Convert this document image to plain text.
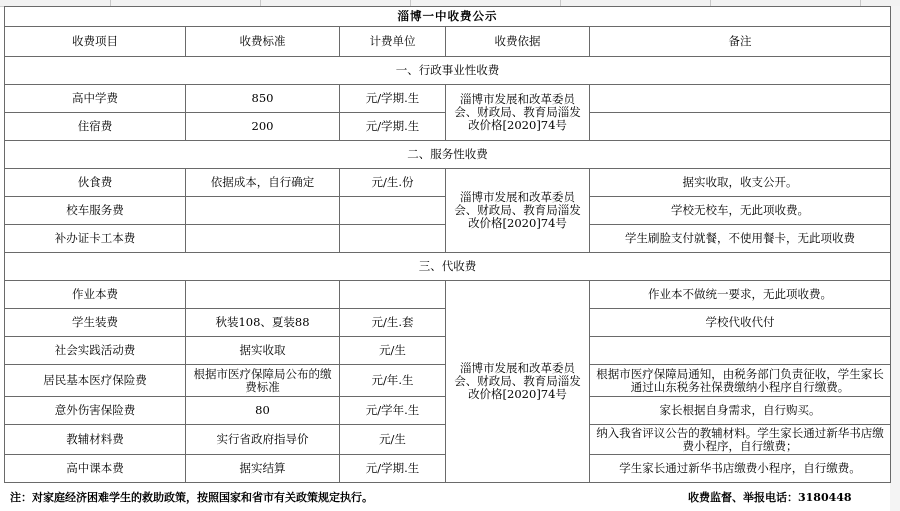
淄博一中收费公示				
收费项目	收费标准	计费单位	收费依据	备注
一、行政事业性收费				
高中学费	850	元/学期.生	淄博市发展和改革委员会、财政局、教育局淄发改价格[2020]74号	
住宿费	200	元/学期.生		
二、服务性收费				
伙食费	依据成本，自行确定	元/生.份	淄博市发展和改革委员会、财政局、教育局淄发改价格[2020]74号	据实收取，收支公开。
校车服务费				学校无校车，无此项收费。
补办证卡工本费				学生刷脸支付就餐，不使用餐卡，无此项收费
三、代收费				
作业本费			淄博市发展和改革委员会、财政局、教育局淄发改价格[2020]74号	作业本不做统一要求，无此项收费。
学生装费	秋装108、夏装88	元/生.套		学校代收代付
社会实践活动费	据实收取	元/生		
居民基本医疗保险费	根据市医疗保障局公布的缴费标准	元/年.生		根据市医疗保障局通知，由税务部门负责征收，学生家长通过山东税务社保费缴纳小程序自行缴费。
意外伤害保险费	80	元/学年.生		家长根据自身需求，自行购买。
教辅材料费	实行省政府指导价	元/生		纳入我省评议公告的教辅材料。学生家长通过新华书店缴费小程序，自行缴费；
高中课本费	据实结算	元/学期.生		学生家长通过新华书店缴费小程序，自行缴费。
注：对家庭经济困难学生的救助政策，按照国家和省市有关政策规定执行。	收费监督、举报电话：3180448
